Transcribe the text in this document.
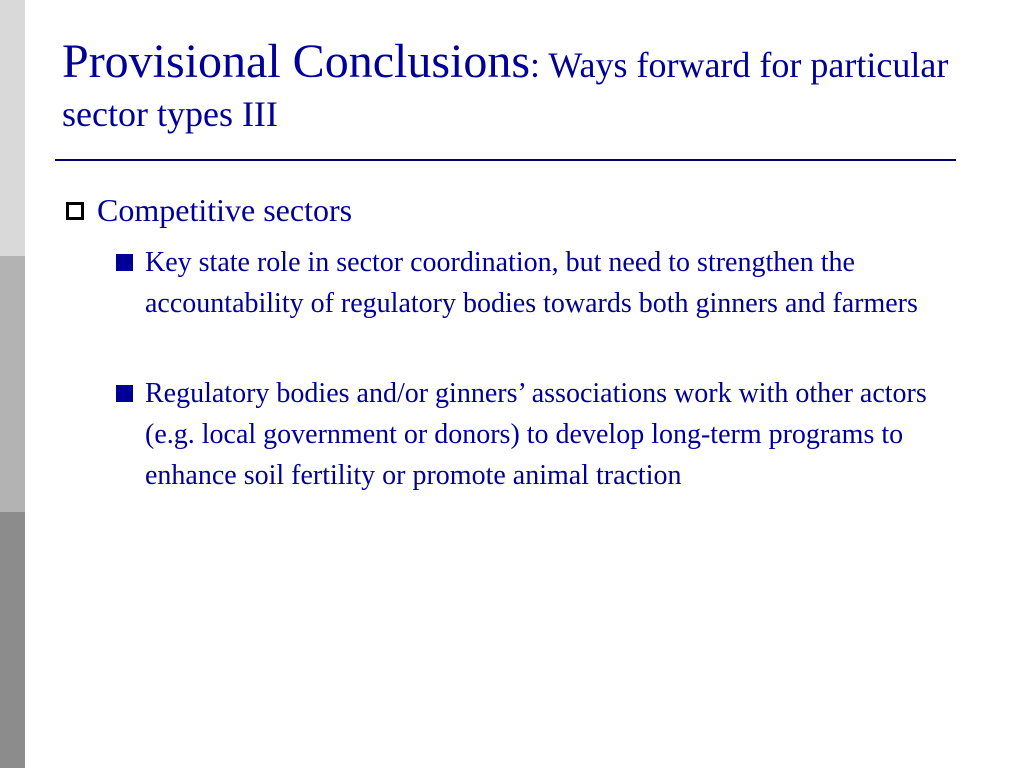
Provisional Conclusions: Ways forward for particular sector types III
Competitive sectors
Key state role in sector coordination, but need to strengthen the accountability of regulatory bodies towards both ginners and farmers
Regulatory bodies and/or ginners’ associations work with other actors (e.g. local government or donors) to develop long-term programs to enhance soil fertility or promote animal traction
